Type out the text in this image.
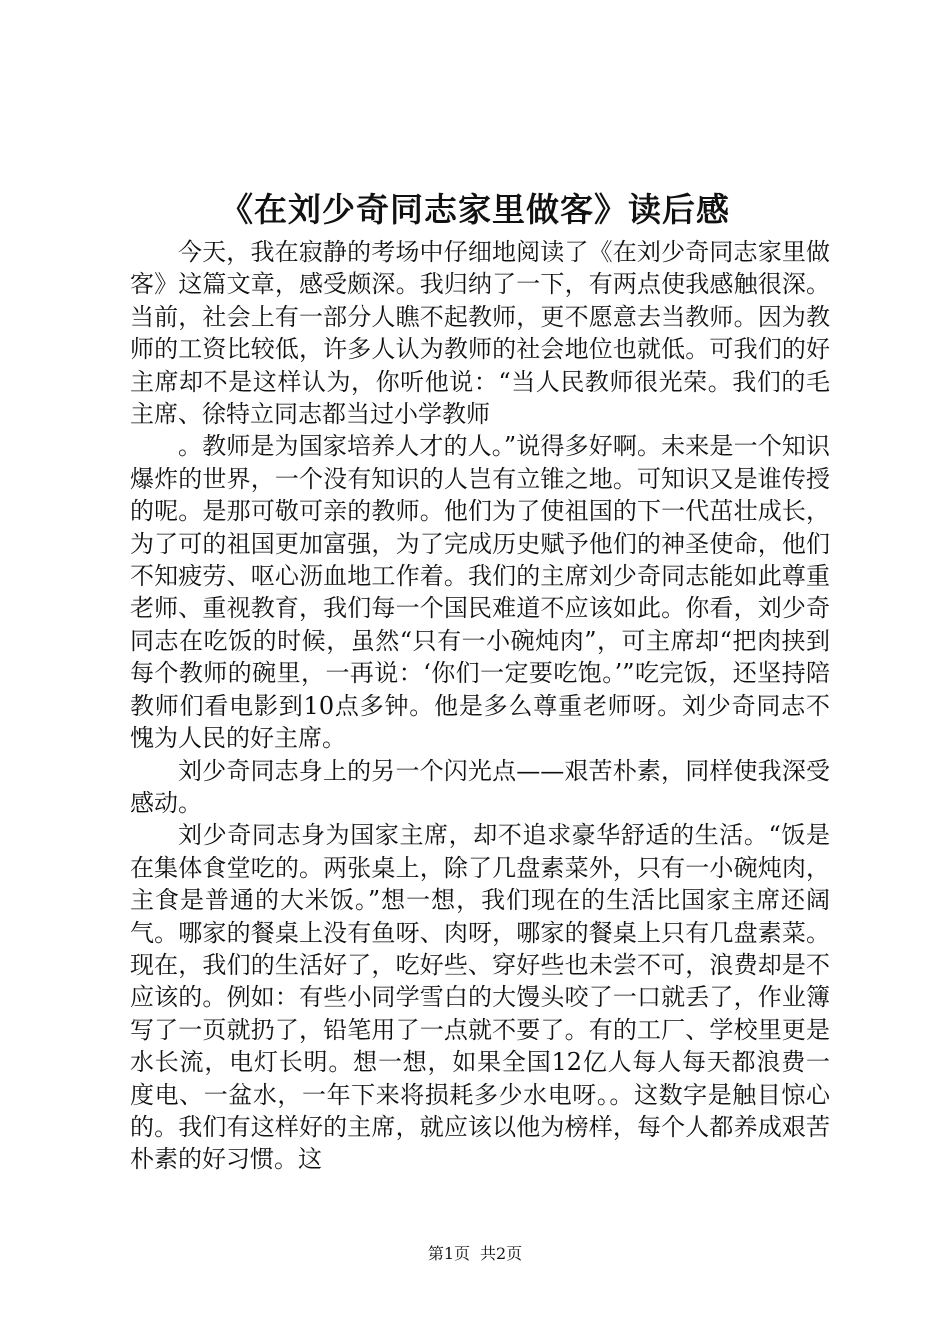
《在刘少奇同志家里做客》读后感

今天，我在寂静的考场中仔细地阅读了《在刘少奇同志家里做客》这篇文章，感受颇深。我归纳了一下，有两点使我感触很深。当前，社会上有一部分人瞧不起教师，更不愿意去当教师。因为教师的工资比较低，许多人认为教师的社会地位也就低。可我们的好主席却不是这样认为，你听他说：“当人民教师很光荣。我们的毛主席、徐特立同志都当过小学教师

。教师是为国家培养人才的人。”说得多好啊。未来是一个知识爆炸的世界，一个没有知识的人岂有立锥之地。可知识又是谁传授的呢。是那可敬可亲的教师。他们为了使祖国的下一代茁壮成长，为了可的祖国更加富强，为了完成历史赋予他们的神圣使命，他们不知疲劳、呕心沥血地工作着。我们的主席刘少奇同志能如此尊重老师、重视教育，我们每一个国民难道不应该如此。你看，刘少奇同志在吃饭的时候，虽然“只有一小碗炖肉”，可主席却“把肉挟到每个教师的碗里，一再说：‘你们一定要吃饱。’”吃完饭，还坚持陪教师们看电影到10点多钟。他是多么尊重老师呀。刘少奇同志不愧为人民的好主席。

刘少奇同志身上的另一个闪光点——艰苦朴素，同样使我深受感动。

刘少奇同志身为国家主席，却不追求豪华舒适的生活。“饭是在集体食堂吃的。两张桌上，除了几盘素菜外，只有一小碗炖肉，主食是普通的大米饭。”想一想，我们现在的生活比国家主席还阔气。哪家的餐桌上没有鱼呀、肉呀，哪家的餐桌上只有几盘素菜。现在，我们的生活好了，吃好些、穿好些也未尝不可，浪费却是不应该的。例如：有些小同学雪白的大馒头咬了一口就丢了，作业簿写了一页就扔了，铅笔用了一点就不要了。有的工厂、学校里更是水长流，电灯长明。想一想，如果全国12亿人每人每天都浪费一度电、一盆水，一年下来将损耗多少水电呀。。这数字是触目惊心的。我们有这样好的主席，就应该以他为榜样，每个人都养成艰苦朴素的好习惯。这

第1页 共2页
